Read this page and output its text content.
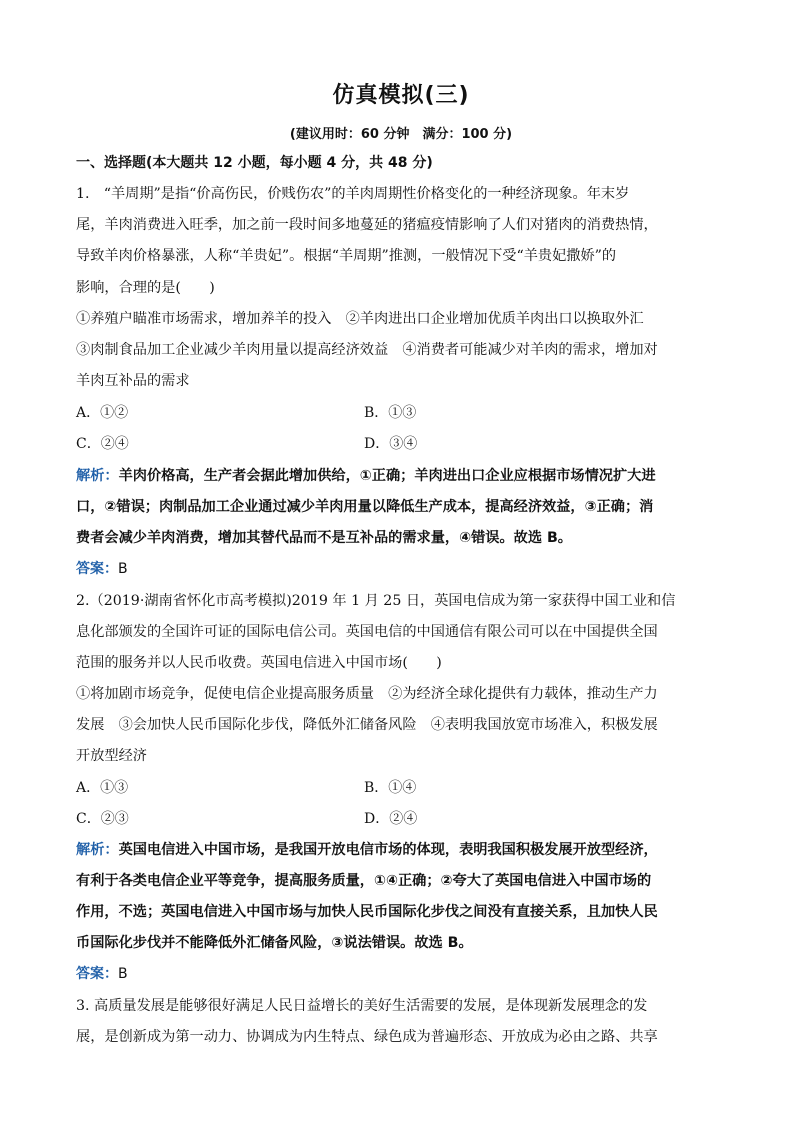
仿真模拟(三)
(建议用时：60 分钟　满分：100 分)
一、选择题(本大题共 12 小题，每小题 4 分，共 48 分)
1.　“羊周期”是指“价高伤民，价贱伤农”的羊肉周期性价格变化的一种经济现象。年末岁
尾，羊肉消费进入旺季，加之前一段时间多地蔓延的猪瘟疫情影响了人们对猪肉的消费热情，
导致羊肉价格暴涨，人称“羊贵妃”。根据“羊周期”推测，一般情况下受“羊贵妃撒娇”的
影响，合理的是(　　)
①养殖户瞄准市场需求，增加养羊的投入　②羊肉进出口企业增加优质羊肉出口以换取外汇
③肉制食品加工企业减少羊肉用量以提高经济效益　④消费者可能减少对羊肉的需求，增加对
羊肉互补品的需求
A．①②	B．①③
C．②④	D．③④
解析：羊肉价格高，生产者会据此增加供给，①正确；羊肉进出口企业应根据市场情况扩大进
口，②错误；肉制品加工企业通过减少羊肉用量以降低生产成本，提高经济效益，③正确；消
费者会减少羊肉消费，增加其替代品而不是互补品的需求量，④错误。故选 B。
答案：B
2.（2019·湖南省怀化市高考模拟)2019 年 1 月 25 日，英国电信成为第一家获得中国工业和信
息化部颁发的全国许可证的国际电信公司。英国电信的中国通信有限公司可以在中国提供全国
范围的服务并以人民币收费。英国电信进入中国市场(　　)
①将加剧市场竞争，促使电信企业提高服务质量　②为经济全球化提供有力载体，推动生产力
发展　③会加快人民币国际化步伐，降低外汇储备风险　④表明我国放宽市场准入，积极发展
开放型经济
A．①③	B．①④
C．②③	D．②④
解析：英国电信进入中国市场，是我国开放电信市场的体现，表明我国积极发展开放型经济，
有利于各类电信企业平等竞争，提高服务质量，①④正确；②夸大了英国电信进入中国市场的
作用，不选；英国电信进入中国市场与加快人民币国际化步伐之间没有直接关系，且加快人民
币国际化步伐并不能降低外汇储备风险，③说法错误。故选 B。
答案：B
3. 高质量发展是能够很好满足人民日益增长的美好生活需要的发展，是体现新发展理念的发
展，是创新成为第一动力、协调成为内生特点、绿色成为普遍形态、开放成为必由之路、共享
